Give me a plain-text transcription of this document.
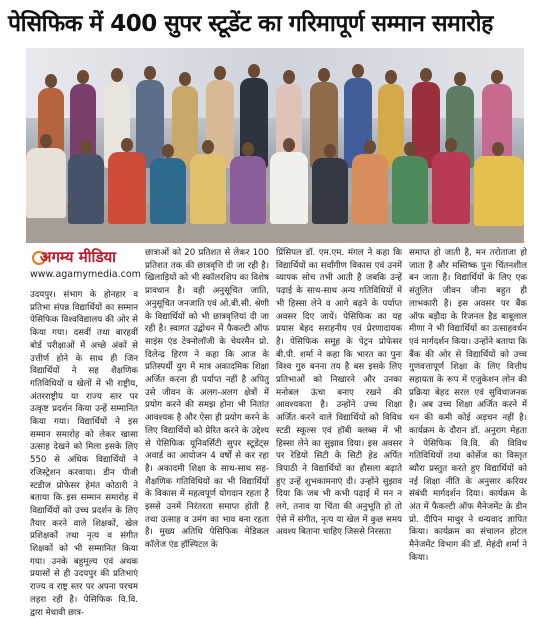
पेसिफिक में 400 सुपर स्टूडेंट का गरिमापूर्ण सम्मान समारोह
अगम्य मीडिया
www.agamymedia.com

उदयपुर। संभाग के होनहार व प्रतिभा संपन्न विद्यार्थियों का सम्मान पेसिफिक विश्वविद्यालय की ओर से किया गया। दसवीं तथा बारहवीं बोर्ड परीक्षाओं में अच्छे अंकों से उत्तीर्ण होने के साथ ही जिन विद्यार्थियों ने सह शैक्षणिक गतिविधियों व खेलों में भी राष्ट्रीय, अंतरराष्ट्रीय या राज्य स्तर पर उत्कृष्ट प्रदर्शन किया उन्हें सम्मानित किया गया। विद्यार्थियों ने इस सम्मान समारोह को लेकर खासा उत्साह देखने को मिला इसके लिए 550 से अधिक विद्यार्थियों ने रजिस्ट्रेशन करवाया। डीन पीजी स्टडीज प्रोफेसर हेमंत कोठारी ने बताया कि इस सम्मान समारोह में विद्यार्थियों को उच्च प्रदर्शन के लिए तैयार करने वाले शिक्षकों, खेल प्रशिक्षकों तथा नृत्य व संगीत शिक्षकों को भी सम्मानित किया गया। उनके बहुमूल्य एवं अथक प्रयासों से ही उदयपुर की प्रतिभाएं राज्य व राष्ट्र स्तर पर अपना परचम लहरा रही है। पेसिफिक वि.वि. द्वारा मेधावी छात्र-

छात्राओं को 20 प्रतिशत से लेकर 100 प्रतिशत तक की छात्रवृत्ति दी जा रही है। खिलाड़ियों को भी स्कॉलरशिप का विशेष प्रावधान है। वही अनुसूचित जाति, अनुसूचित जनजाति एवं ओ.बी.सी. श्रेणी के विद्यार्थियों को भी छात्रवृत्तियां दी जा रही है। स्वागत उद्बोधन में फैकल्टी ऑफ साइंस एंड टेक्नोलॉजी के चेयरमैन प्रो. दिलेन्द्र हिरण ने कहा कि आज के प्रतिस्पर्धी युग में मात्र अकादमिक शिक्षा अर्जित करना ही पर्याप्त नहीं है अपितु उसे जीवन के अलग-अलग क्षेत्रों में प्रयोग करने की समझ होना भी नितांत आवश्यक है और ऐसा ही प्रयोग करने के लिए विद्यार्थियों को प्रेरित करने के उद्देश्य से पेसिफिक यूनिवर्सिटी सुपर स्टूडेंट्स अवार्ड का आयोजन 4 वर्षों से कर रहा है। अकादमी शिक्षा के साथ-साथ सह-शैक्षणिक गतिविधियों का भी विद्यार्थियों के विकास में महत्वपूर्ण योगदान रहता है इससे उनमें निरंतरता समाप्त होती है तथा उत्साह व उमंग का भाव बना रहता है। मुख्य अतिथि पेसिफिक मेडिकल कॉलेज एंड हॉस्पिटल के

प्रिंसिपल डॉ. एम.एम. मंगल ने कहा कि विद्यार्थियों का सर्वांगीण विकास एवं उनमें व्यापक सोच तभी आती है जबकि उन्हें पढ़ाई के साथ-साथ अन्य गतिविधियों में भी हिस्सा लेने व आगे बढ़ने के पर्याप्त अवसर दिए जायें। पेसिफिक का यह प्रयास बेहद सराहनीय एवं प्रेरणादायक है। पेसिफिक समूह के पेट्रन प्रोफेसर बी.पी. शर्मा ने कहा कि भारत का पुनः विश्व गुरु बनना तय है बस इसके लिए प्रतिभाओं को निखारने और उनका मनोबल ऊंचा बनाए रखने की आवश्यकता है। उन्होंने उच्च शिक्षा अर्जित करने वाले विद्यार्थियों को विविध स्टडी स्कूल्स एवं हॉबी क्लब्स में भी हिस्सा लेने का सुझाव दिया। इस अवसर पर रेडियो सिटी के सिटी हेड अर्पित त्रिपाठी ने विद्यार्थियों का हौसला बढ़ाते हुए उन्हें शुभकामनाएं दी। उन्होंने सुझाव दिया कि जब भी कभी पढ़ाई में मन न लगे, तनाव या चिंता की अनुभूति हो तो ऐसे में संगीत, नृत्य या खेल में कुछ समय अवश्य बिताना चाहिए जिससे निरसता

समाप्त हो जाती है, मन तरोताजा हो जाता है और मस्तिष्क पुनः चिंतनशील बन जाता है। विद्यार्थियों के लिए एक संतुलित जीवन जीना बहुत ही लाभकारी है। इस अवसर पर बैंक ऑफ बड़ौदा के रिजनल हैड बाबूलाल मीणा ने भी विद्यार्थियों का उत्साहवर्धन एवं मार्गदर्शन किया। उन्होंने बताया कि बैंक की ओर से विद्यार्थियों को उच्च गुणवत्तापूर्ण शिक्षा के लिए वित्तीय सहायता के रूप में एजुकेशन लोन की प्रक्रिया बेहद सरल एवं सुविधाजनक है। अब उच्च शिक्षा अर्जित करने में धन की कमी कोई अड़चन नहीं है। कार्यक्रम के दौरान डॉ. अनुराग मेहता ने पेसिफिक वि.वि. की विविध गतिविधियों तथा कोर्सेज का विस्तृत ब्यौरा प्रस्तुत करते हुए विद्यार्थियों को नई शिक्षा नीति के अनुसार करियर संबंधी मार्गदर्शन दिया। कार्यक्रम के अंत में फैकल्टी ऑफ मैनेजमेंट के डीन प्रो. दीपिन माथुर ने धन्यवाद ज्ञापित किया। कार्यक्रम का संचालन होटल मैनेजमेंट विभाग की डॉ. मेहंदी शर्मा ने किया।
